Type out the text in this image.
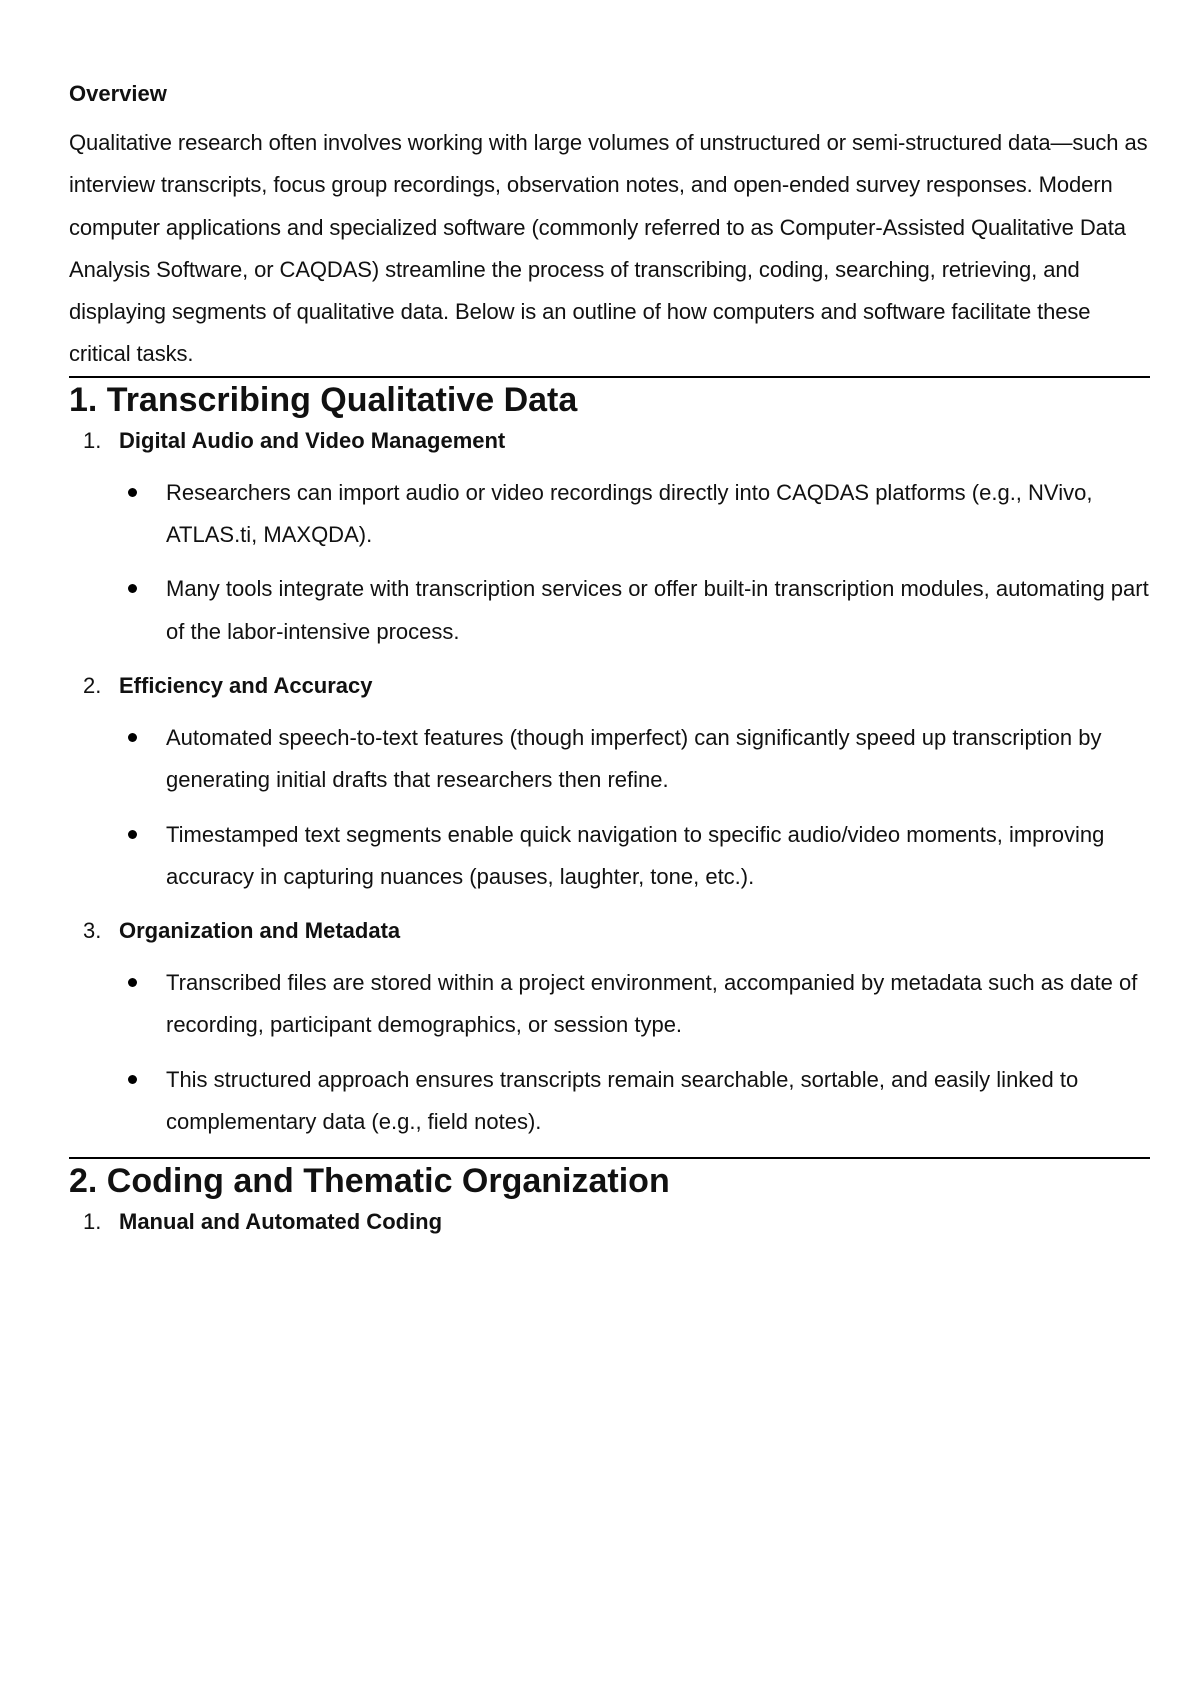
Overview

Qualitative research often involves working with large volumes of unstructured or semi-structured data—such as interview transcripts, focus group recordings, observation notes, and open-ended survey responses. Modern computer applications and specialized software (commonly referred to as Computer-Assisted Qualitative Data Analysis Software, or CAQDAS) streamline the process of transcribing, coding, searching, retrieving, and displaying segments of qualitative data. Below is an outline of how computers and software facilitate these critical tasks.

1. Transcribing Qualitative Data
1. Digital Audio and Video Management

Researchers can import audio or video recordings directly into CAQDAS platforms (e.g., NVivo, ATLAS.ti, MAXQDA).

Many tools integrate with transcription services or offer built-in transcription modules, automating part of the labor-intensive process.

2. Efficiency and Accuracy

Automated speech-to-text features (though imperfect) can significantly speed up transcription by generating initial drafts that researchers then refine.

Timestamped text segments enable quick navigation to specific audio/video moments, improving accuracy in capturing nuances (pauses, laughter, tone, etc.).

3. Organization and Metadata

Transcribed files are stored within a project environment, accompanied by metadata such as date of recording, participant demographics, or session type.

This structured approach ensures transcripts remain searchable, sortable, and easily linked to complementary data (e.g., field notes).

2. Coding and Thematic Organization
1. Manual and Automated Coding
